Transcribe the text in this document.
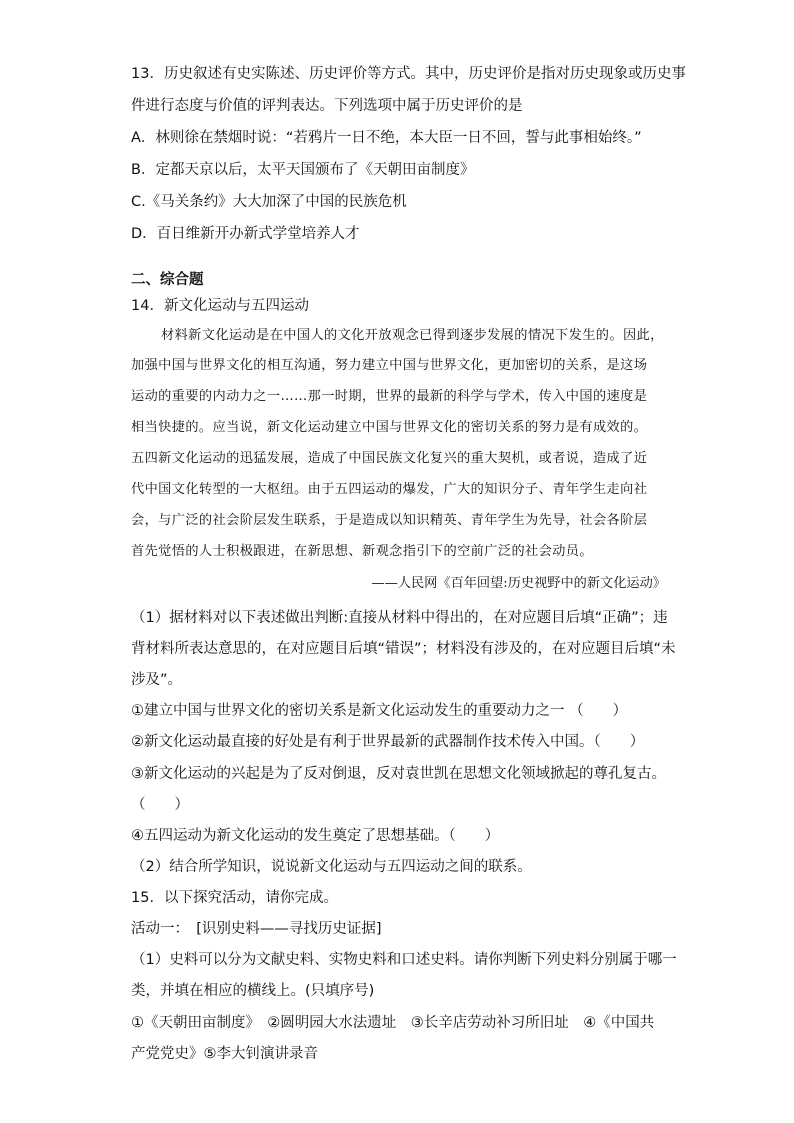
13．历史叙述有史实陈述、历史评价等方式。其中，历史评价是指对历史现象或历史事
件进行态度与价值的评判表达。下列选项中属于历史评价的是
A．林则徐在禁烟时说：“若鸦片一日不绝，本大臣一日不回，誓与此事相始终。”
B．定都天京以后，太平天国颁布了《天朝田亩制度》
C.《马关条约》大大加深了中国的民族危机
D．百日维新开办新式学堂培养人才
二、综合题
14．新文化运动与五四运动
材料新文化运动是在中国人的文化开放观念已得到逐步发展的情况下发生的。因此，
加强中国与世界文化的相互沟通，努力建立中国与世界文化，更加密切的关系，是这场
运动的重要的内动力之一……那一时期，世界的最新的科学与学术，传入中国的速度是
相当快捷的。应当说，新文化运动建立中国与世界文化的密切关系的努力是有成效的。
五四新文化运动的迅猛发展，造成了中国民族文化复兴的重大契机，或者说，造成了近
代中国文化转型的一大枢纽。由于五四运动的爆发，广大的知识分子、青年学生走向社
会，与广泛的社会阶层发生联系，于是造成以知识精英、青年学生为先导，社会各阶层
首先觉悟的人士积极跟进，在新思想、新观念指引下的空前广泛的社会动员。
——人民网《百年回望:历史视野中的新文化运动》
（1）据材料对以下表述做出判断:直接从材料中得出的，在对应题目后填“正确”；违
背材料所表达意思的，在对应题目后填“错误”；材料没有涉及的，在对应题目后填“未
涉及”。
①建立中国与世界文化的密切关系是新文化运动发生的重要动力之一 （　　）
②新文化运动最直接的好处是有利于世界最新的武器制作技术传入中国。（　　）
③新文化运动的兴起是为了反对倒退，反对袁世凯在思想文化领域掀起的尊孔复古。
（　　）
④五四运动为新文化运动的发生奠定了思想基础。（　　）
（2）结合所学知识，说说新文化运动与五四运动之间的联系。
15．以下探究活动，请你完成。
活动一：　[识别史料——寻找历史证据]
（1）史料可以分为文献史料、实物史料和口述史料。请你判断下列史料分别属于哪一
类，并填在相应的横线上。(只填序号)
①《天朝田亩制度》　②圆明园大水法遗址　③长辛店劳动补习所旧址　④《中国共
产党党史》⑤李大钊演讲录音
